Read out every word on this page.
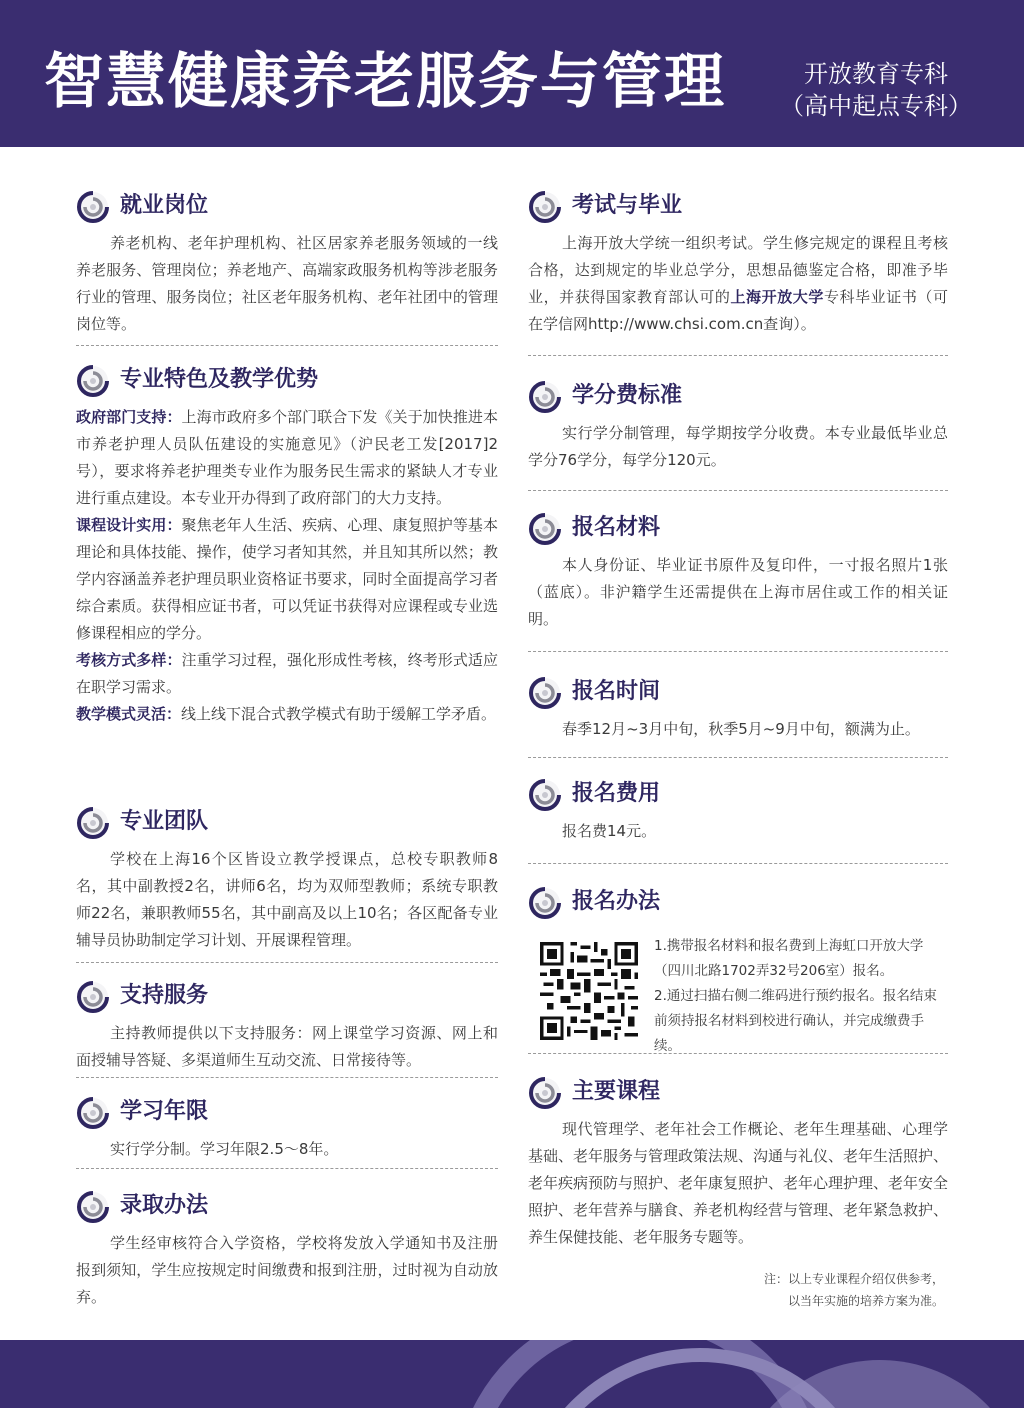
智慧健康养老服务与管理	开放教育专科
（高中起点专科）
就业岗位

养老机构、老年护理机构、社区居家养老服务领域的一线养老服务、管理岗位；养老地产、高端家政服务机构等涉老服务行业的管理、服务岗位；社区老年服务机构、老年社团中的管理岗位等。

专业特色及教学优势

政府部门支持：上海市政府多个部门联合下发《关于加快推进本市养老护理人员队伍建设的实施意见》（沪民老工发[2017]2号），要求将养老护理类专业作为服务民生需求的紧缺人才专业进行重点建设。本专业开办得到了政府部门的大力支持。

课程设计实用：聚焦老年人生活、疾病、心理、康复照护等基本理论和具体技能、操作，使学习者知其然，并且知其所以然；教学内容涵盖养老护理员职业资格证书要求，同时全面提高学习者综合素质。获得相应证书者，可以凭证书获得对应课程或专业选修课程相应的学分。

考核方式多样：注重学习过程，强化形成性考核，终考形式适应在职学习需求。

教学模式灵活：线上线下混合式教学模式有助于缓解工学矛盾。

专业团队

学校在上海16个区皆设立教学授课点，总校专职教师8名，其中副教授2名，讲师6名，均为双师型教师；系统专职教师22名，兼职教师55名，其中副高及以上10名；各区配备专业辅导员协助制定学习计划、开展课程管理。

支持服务

主持教师提供以下支持服务：网上课堂学习资源、网上和面授辅导答疑、多渠道师生互动交流、日常接待等。

学习年限

实行学分制。学习年限2.5～8年。

录取办法

学生经审核符合入学资格，学校将发放入学通知书及注册报到须知，学生应按规定时间缴费和报到注册，过时视为自动放弃。

考试与毕业

上海开放大学统一组织考试。学生修完规定的课程且考核合格，达到规定的毕业总学分，思想品德鉴定合格，即准予毕业，并获得国家教育部认可的上海开放大学专科毕业证书（可在学信网http://www.chsi.com.cn查询）。

学分费标准

实行学分制管理，每学期按学分收费。本专业最低毕业总学分76学分，每学分120元。

报名材料

本人身份证、毕业证书原件及复印件，一寸报名照片1张（蓝底）。非沪籍学生还需提供在上海市居住或工作的相关证明。

报名时间

春季12月~3月中旬，秋季5月~9月中旬，额满为止。

报名费用

报名费14元。

报名办法

1.携带报名材料和报名费到上海虹口开放大学（四川北路1702弄32号206室）报名。

2.通过扫描右侧二维码进行预约报名。报名结束前须持报名材料到校进行确认，并完成缴费手续。

主要课程

现代管理学、老年社会工作概论、老年生理基础、心理学基础、老年服务与管理政策法规、沟通与礼仪、老年生活照护、老年疾病预防与照护、老年康复照护、老年心理护理、老年安全照护、老年营养与膳食、养老机构经营与管理、老年紧急救护、养生保健技能、老年服务专题等。

注：以上专业课程介绍仅供参考，
以当年实施的培养方案为准。
